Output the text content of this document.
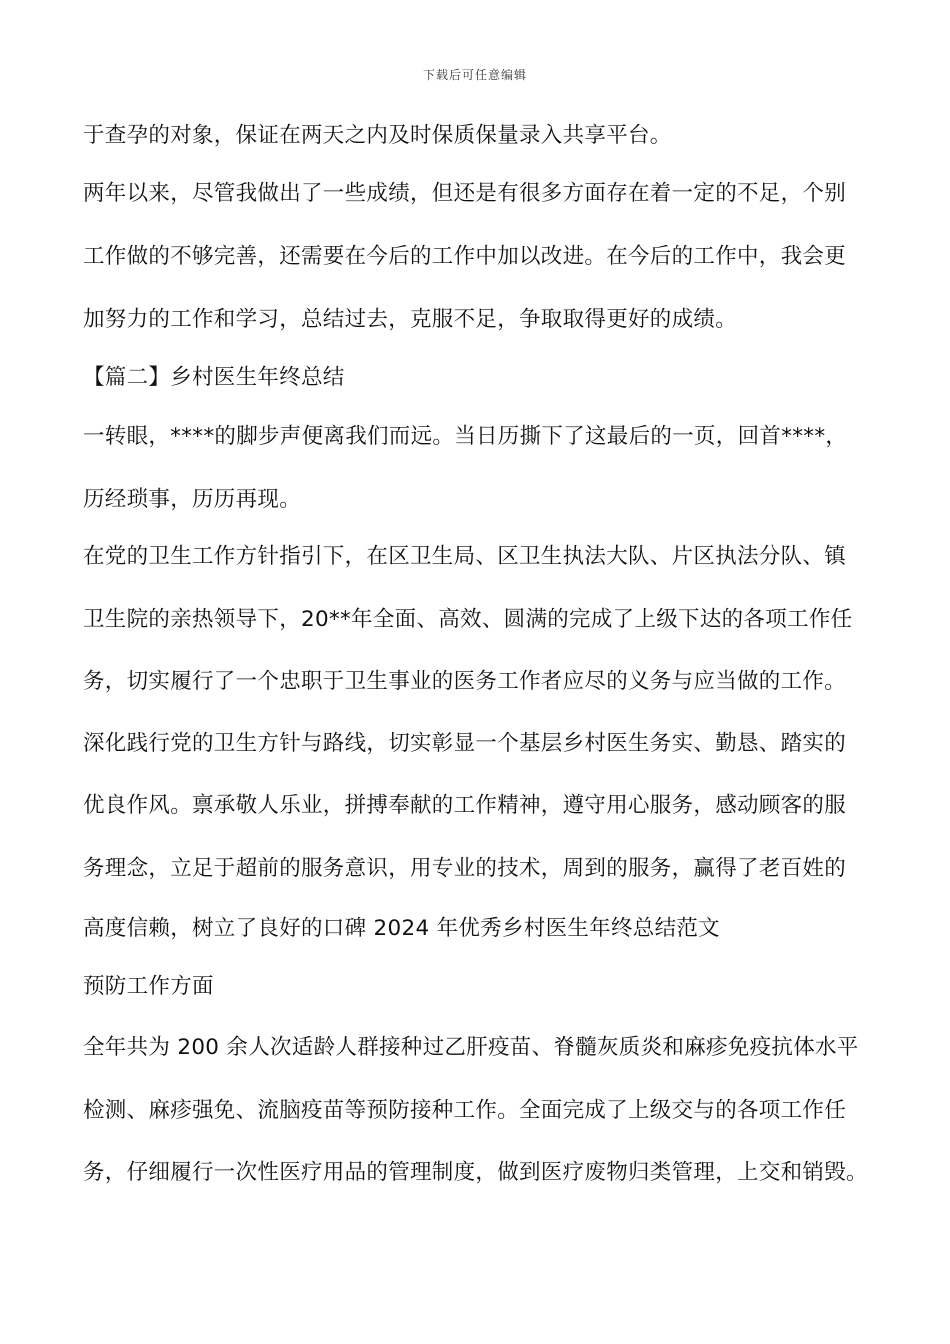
下载后可任意编辑
于查孕的对象，保证在两天之内及时保质保量录入共享平台。
两年以来，尽管我做出了一些成绩，但还是有很多方面存在着一定的不足，个别
工作做的不够完善，还需要在今后的工作中加以改进。在今后的工作中，我会更
加努力的工作和学习，总结过去，克服不足，争取取得更好的成绩。
【篇二】乡村医生年终总结
一转眼，****的脚步声便离我们而远。当日历撕下了这最后的一页，回首****，
历经琐事，历历再现。
在党的卫生工作方针指引下，在区卫生局、区卫生执法大队、片区执法分队、镇
卫生院的亲热领导下，20**年全面、高效、圆满的完成了上级下达的各项工作任
务，切实履行了一个忠职于卫生事业的医务工作者应尽的义务与应当做的工作。
深化践行党的卫生方针与路线，切实彰显一个基层乡村医生务实、勤恳、踏实的
优良作风。禀承敬人乐业，拼搏奉献的工作精神，遵守用心服务，感动顾客的服
务理念，立足于超前的服务意识，用专业的技术，周到的服务，赢得了老百姓的
高度信赖，树立了良好的口碑 2024 年优秀乡村医生年终总结范文
预防工作方面
全年共为 200 余人次适龄人群接种过乙肝疫苗、脊髓灰质炎和麻疹免疫抗体水平
检测、麻疹强免、流脑疫苗等预防接种工作。全面完成了上级交与的各项工作任
务，仔细履行一次性医疗用品的管理制度，做到医疗废物归类管理，上交和销毁。
